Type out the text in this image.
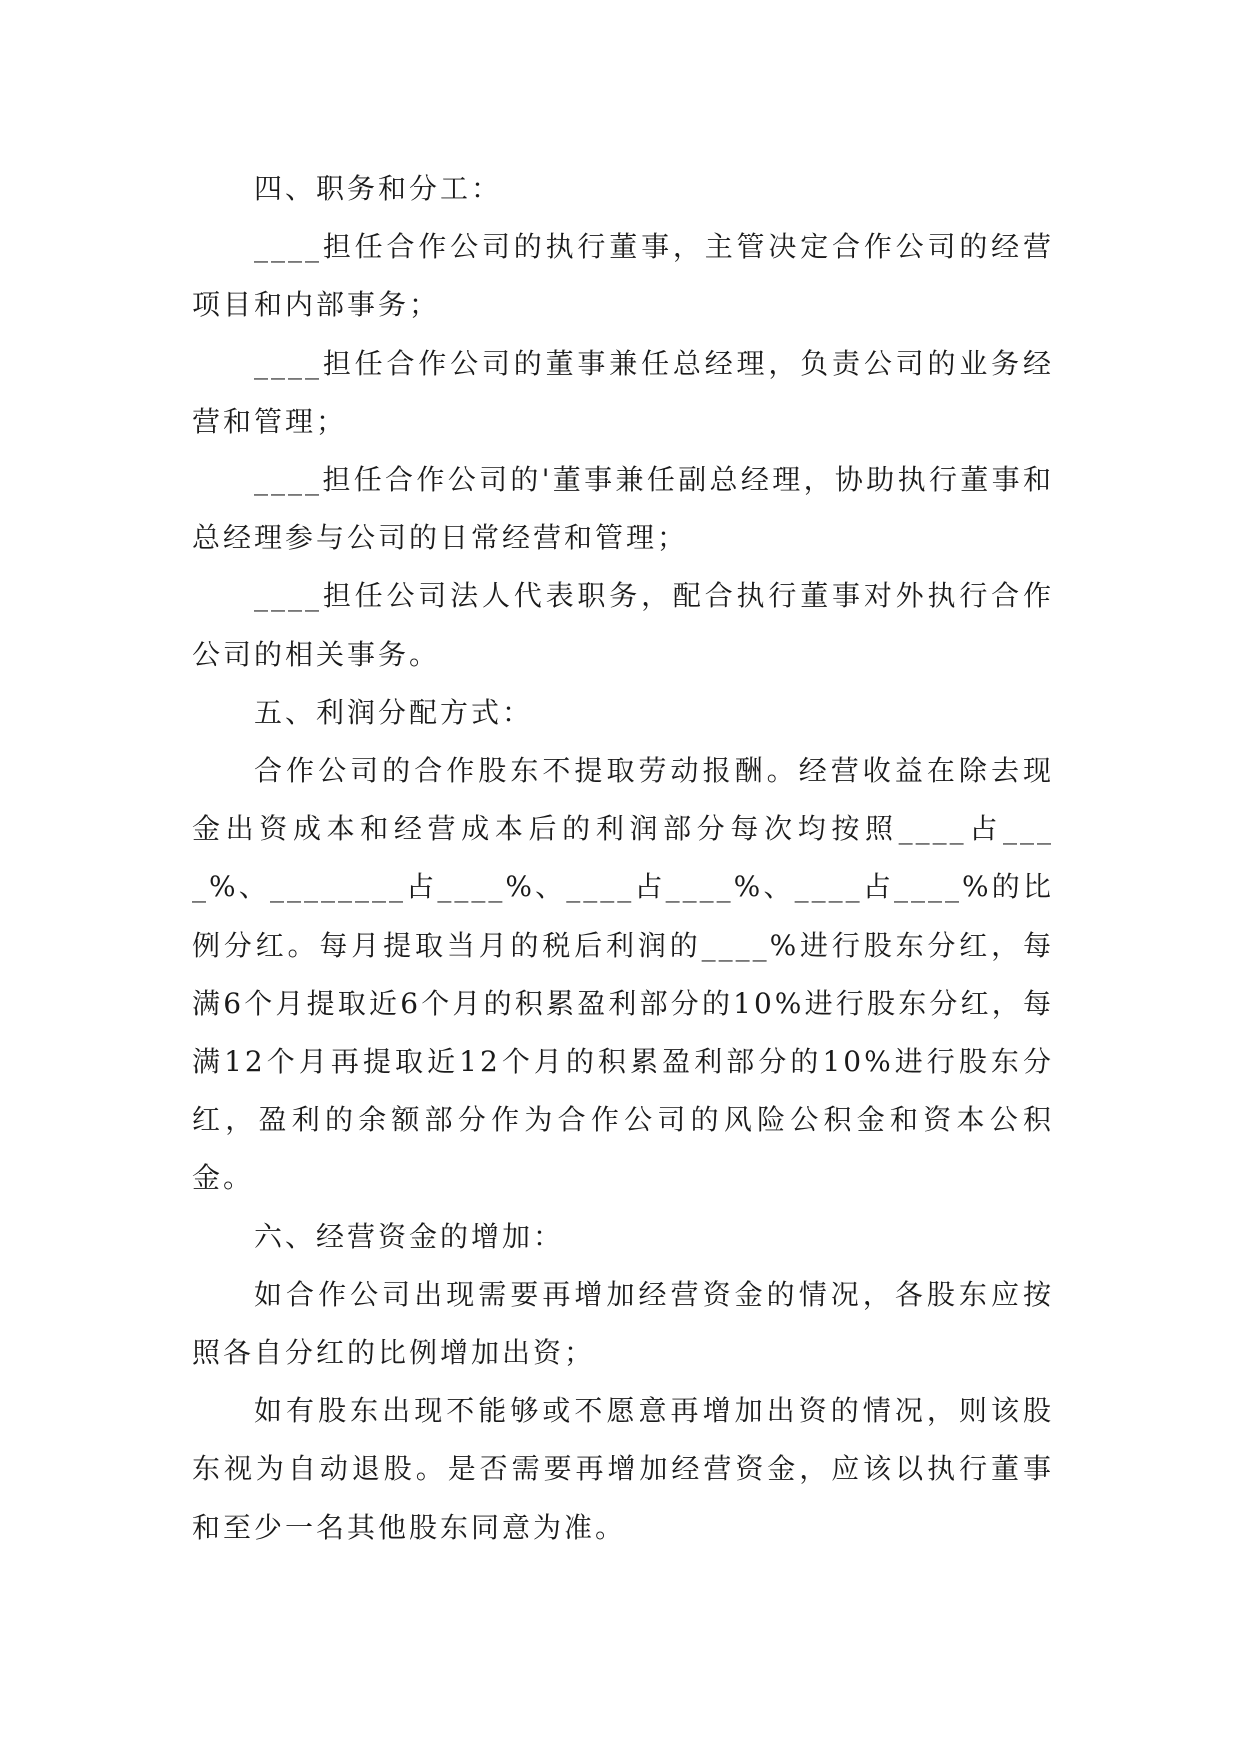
四、职务和分工：

____担任合作公司的执行董事，主管决定合作公司的经营项目和内部事务；

____担任合作公司的董事兼任总经理，负责公司的业务经营和管理；

____担任合作公司的'董事兼任副总经理，协助执行董事和总经理参与公司的日常经营和管理；

____担任公司法人代表职务，配合执行董事对外执行合作公司的相关事务。

五、利润分配方式：

合作公司的合作股东不提取劳动报酬。经营收益在除去现金出资成本和经营成本后的利润部分每次均按照____占____%、________占____%、____占____%、____占____%的比例分红。每月提取当月的税后利润的____%进行股东分红，每满6个月提取近6个月的积累盈利部分的10%进行股东分红，每满12个月再提取近12个月的积累盈利部分的10%进行股东分红，盈利的余额部分作为合作公司的风险公积金和资本公积金。

六、经营资金的增加：

如合作公司出现需要再增加经营资金的情况，各股东应按照各自分红的比例增加出资；

如有股东出现不能够或不愿意再增加出资的情况，则该股东视为自动退股。是否需要再增加经营资金，应该以执行董事和至少一名其他股东同意为准。
